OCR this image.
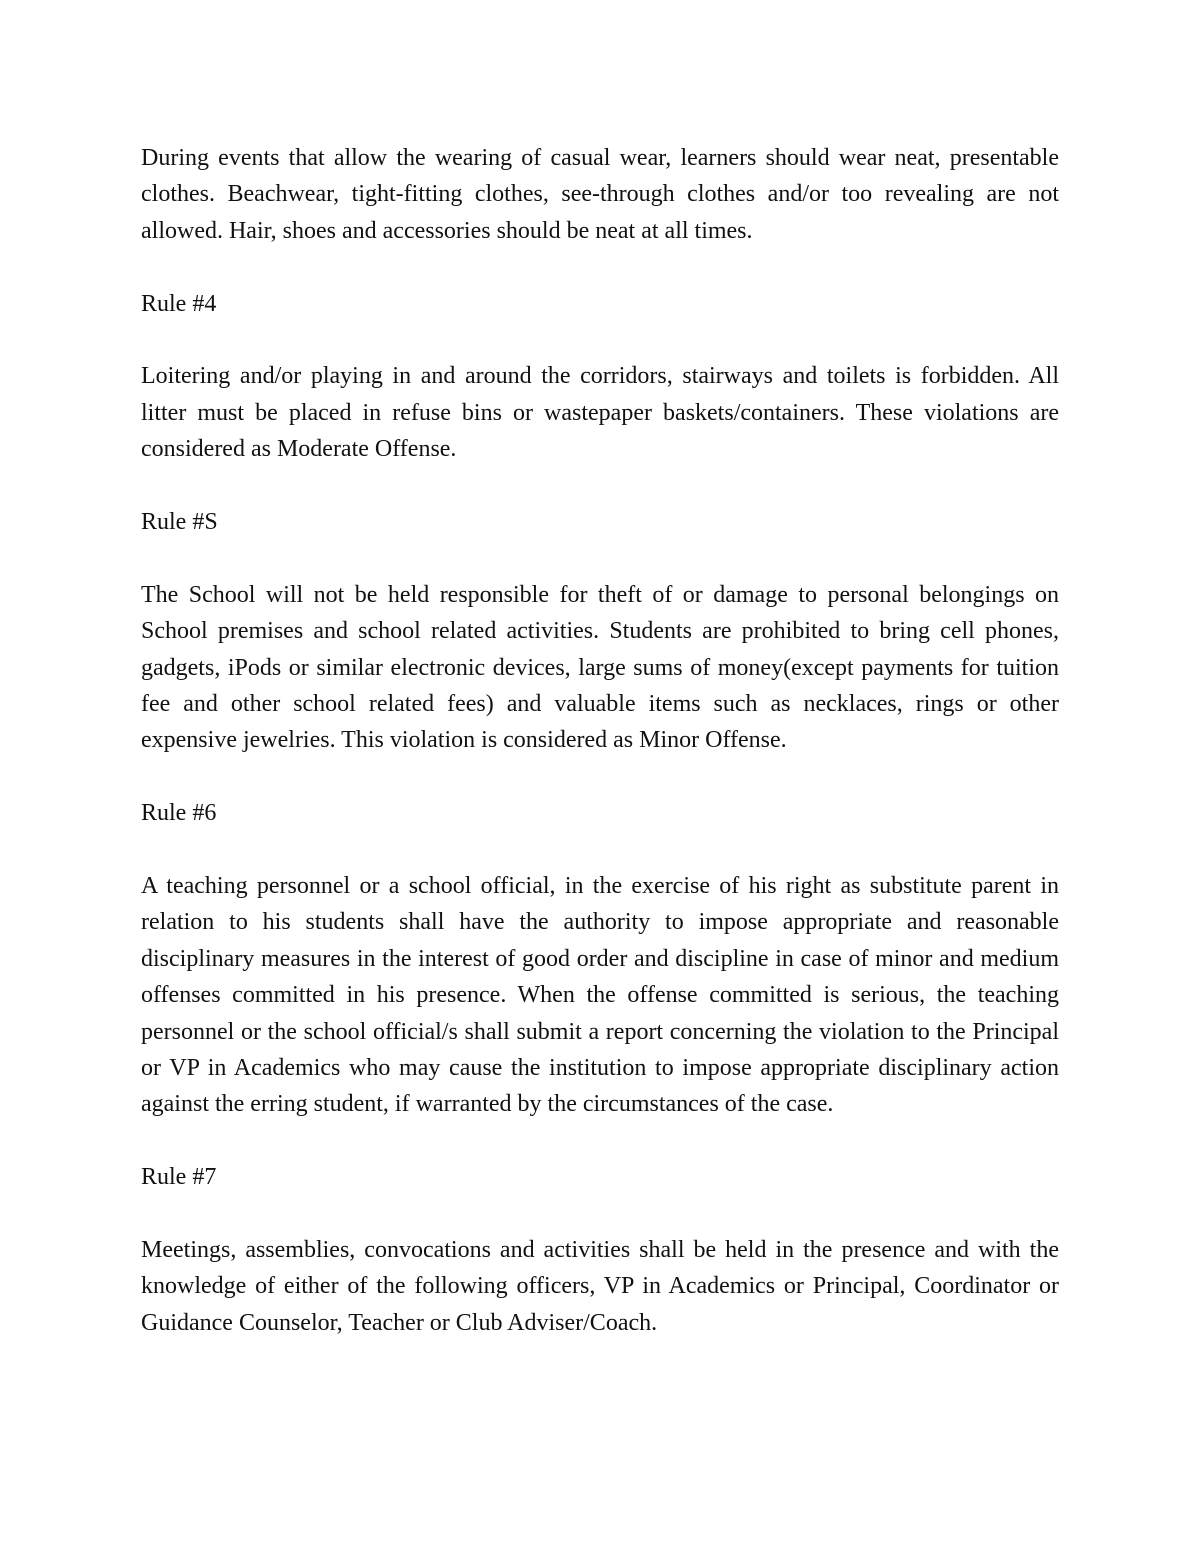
During events that allow the wearing of casual wear, learners should wear neat, presentable clothes. Beachwear, tight-fitting clothes, see-through clothes and/or too revealing are not allowed. Hair, shoes and accessories should be neat at all times.

Rule #4

Loitering and/or playing in and around the corridors, stairways and toilets is forbidden. All litter must be placed in refuse bins or wastepaper baskets/containers. These violations are considered as Moderate Offense.

Rule #S

The School will not be held responsible for theft of or damage to personal belongings on School premises and school related activities. Students are prohibited to bring cell phones, gadgets, iPods or similar electronic devices, large sums of money(except payments for tuition fee and other school related fees) and valuable items such as necklaces, rings or other expensive jewelries. This violation is considered as Minor Offense.

Rule #6

A teaching personnel or a school official, in the exercise of his right as substitute parent in relation to his students shall have the authority to impose appropriate and reasonable disciplinary measures in the interest of good order and discipline in case of minor and medium offenses committed in his presence. When the offense committed is serious, the teaching personnel or the school official/s shall submit a report concerning the violation to the Principal or VP in Academics who may cause the institution to impose appropriate disciplinary action against the erring student, if warranted by the circumstances of the case.

Rule #7

Meetings, assemblies, convocations and activities shall be held in the presence and with the knowledge of either of the following officers, VP in Academics or Principal, Coordinator or Guidance Counselor, Teacher or Club Adviser/Coach.
